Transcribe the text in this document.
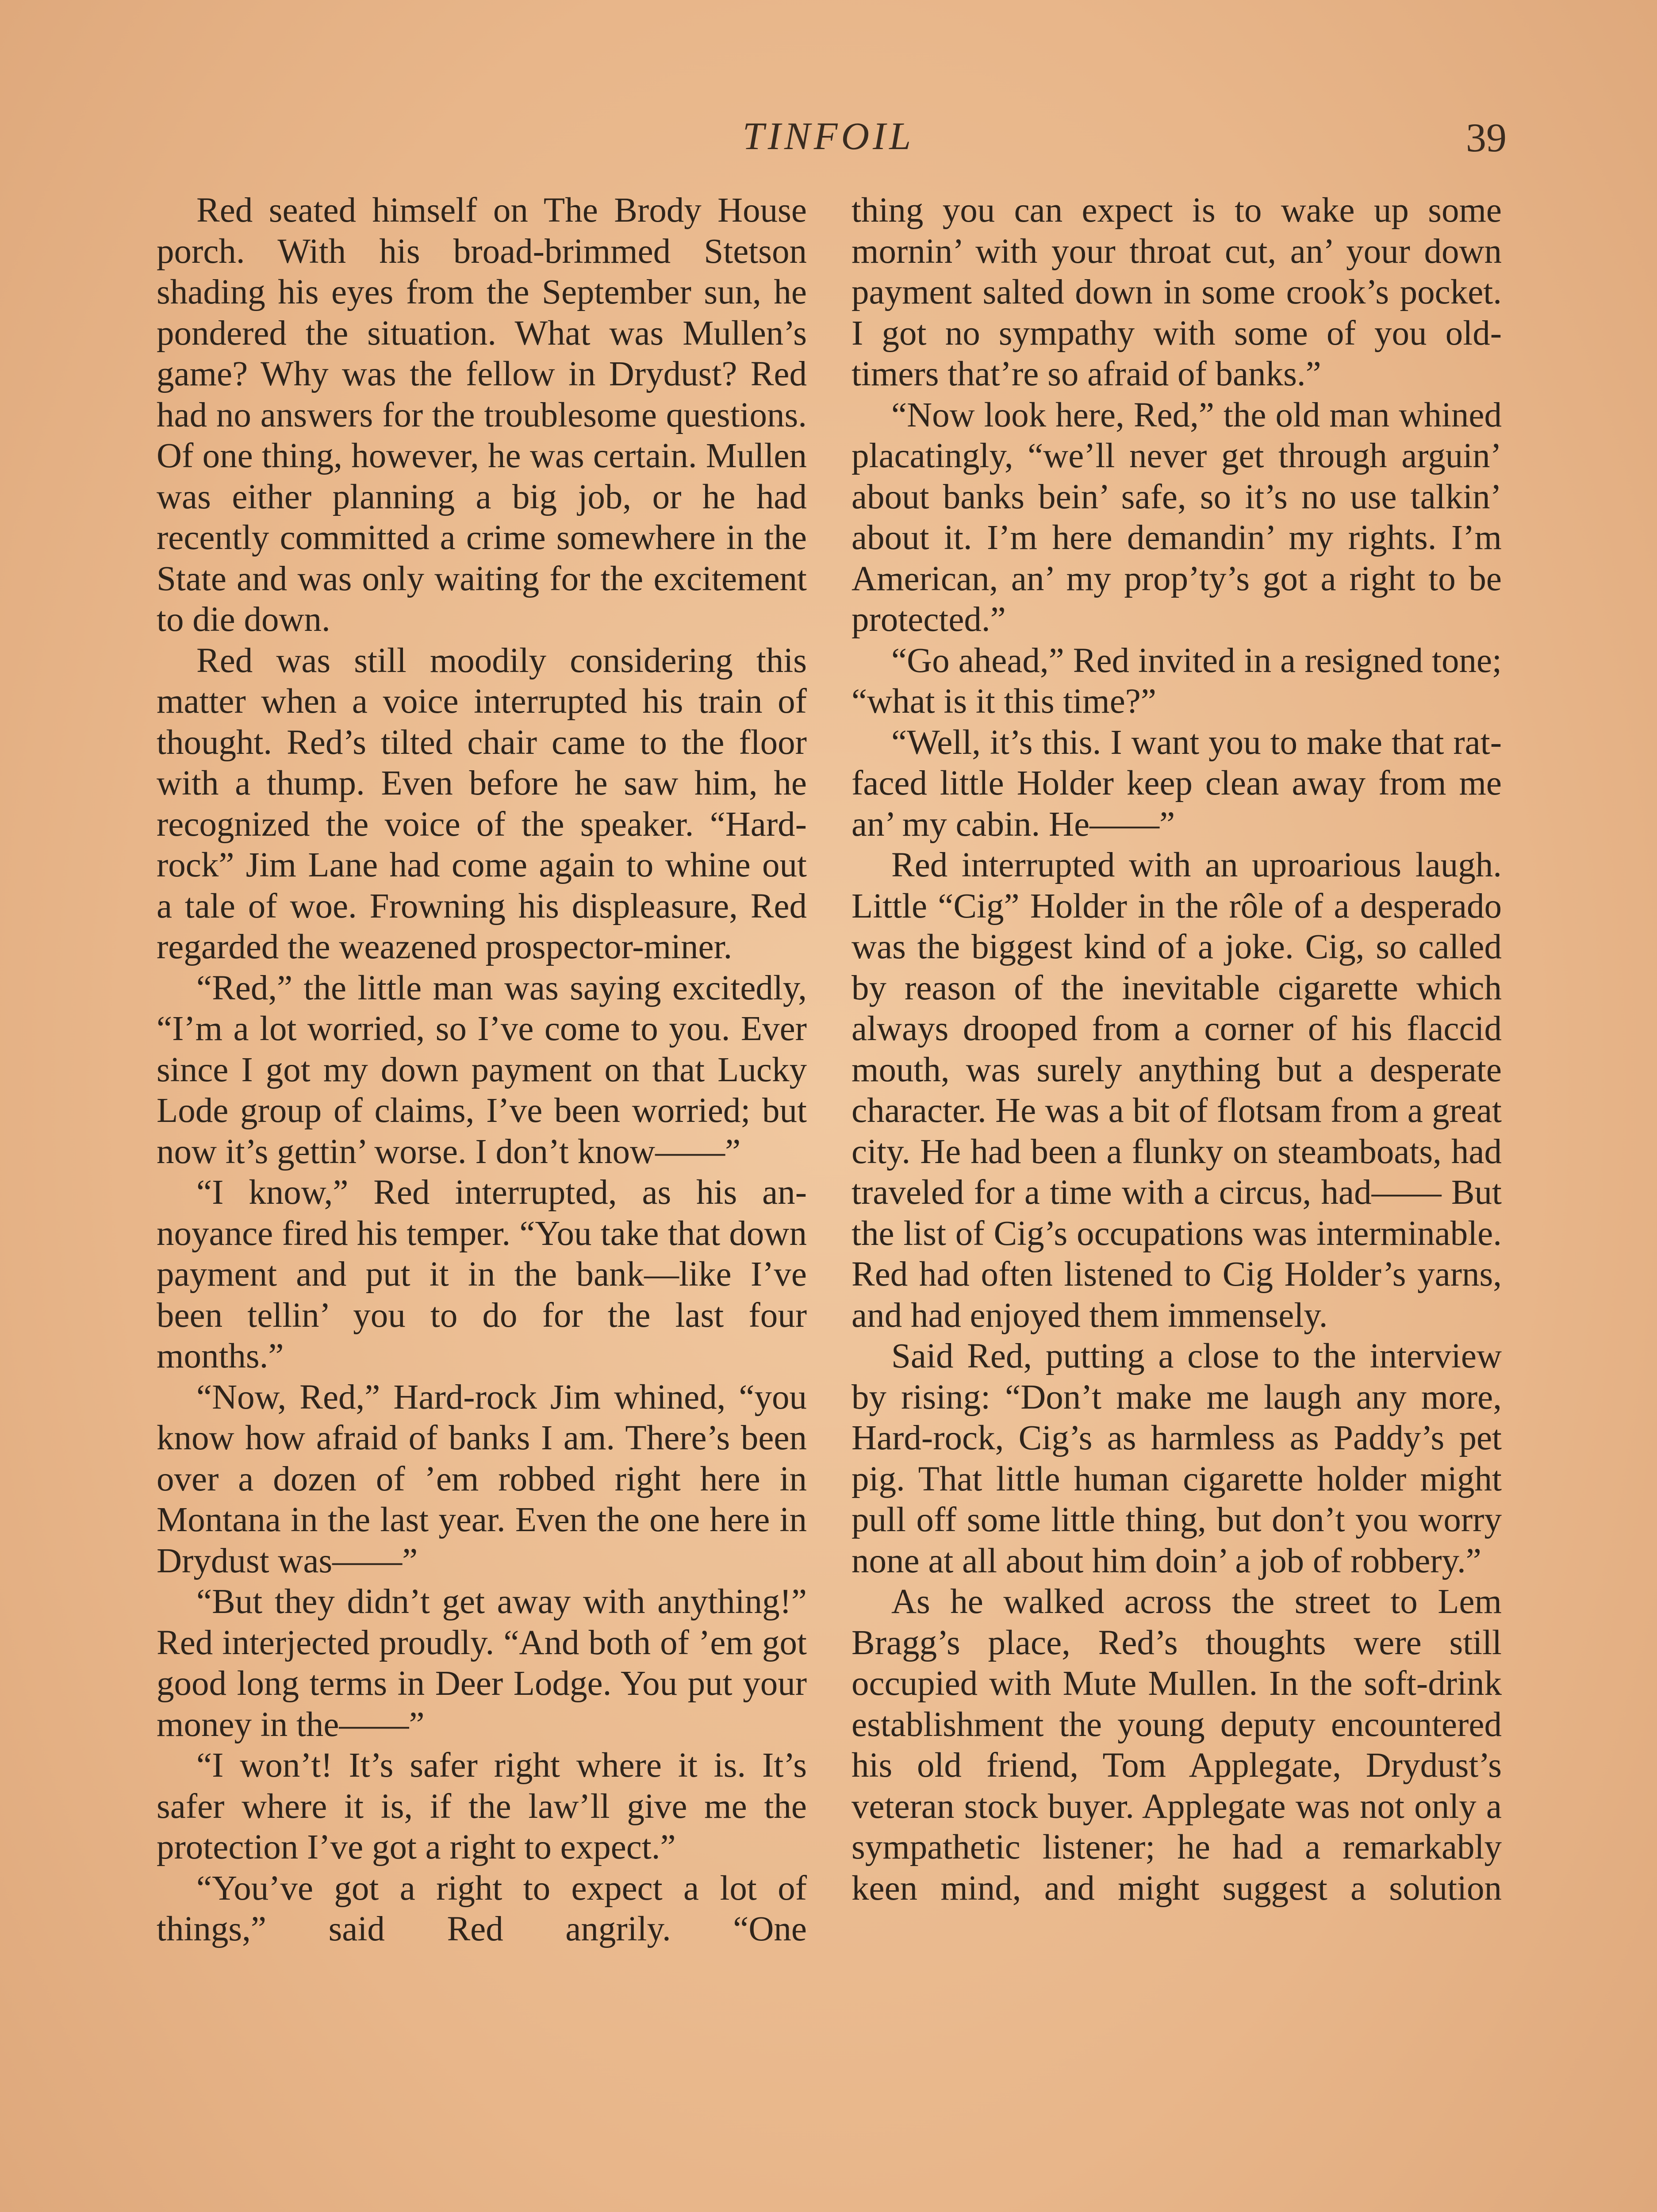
TINFOIL	39

Red seated himself on The Brody House porch. With his broad-brimmed Stetson shading his eyes from the September sun, he pondered the situation. What was Mullen’s game? Why was the fellow in Drydust? Red had no answers for the troublesome questions. Of one thing, however, he was certain. Mullen was either planning a big job, or he had recently committed a crime somewhere in the State and was only waiting for the excitement to die down.

Red was still moodily considering this matter when a voice interrupted his train of thought. Red’s tilted chair came to the floor with a thump. Even before he saw him, he recognized the voice of the speaker. “Hard-rock” Jim Lane had come again to whine out a tale of woe. Frowning his displeasure, Red regarded the weazened prospector-miner.

“Red,” the little man was saying excitedly, “I’m a lot worried, so I’ve come to you. Ever since I got my down payment on that Lucky Lode group of claims, I’ve been worried; but now it’s gettin’ worse. I don’t know——”

“I know,” Red interrupted, as his annoyance fired his temper. “You take that down payment and put it in the bank—like I’ve been tellin’ you to do for the last four months.”

“Now, Red,” Hard-rock Jim whined, “you know how afraid of banks I am. There’s been over a dozen of ’em robbed right here in Montana in the last year. Even the one here in Drydust was——”

“But they didn’t get away with anything!” Red interjected proudly. “And both of ’em got good long terms in Deer Lodge. You put your money in the——”

“I won’t! It’s safer right where it is. It’s safer where it is, if the law’ll give me the protection I’ve got a right to expect.”

“You’ve got a right to expect a lot of things,” said Red angrily. “One

thing you can expect is to wake up some mornin’ with your throat cut, an’ your down payment salted down in some crook’s pocket. I got no sympathy with some of you old-timers that’re so afraid of banks.”

“Now look here, Red,” the old man whined placatingly, “we’ll never get through arguin’ about banks bein’ safe, so it’s no use talkin’ about it. I’m here demandin’ my rights. I’m American, an’ my prop’ty’s got a right to be protected.”

“Go ahead,” Red invited in a resigned tone; “what is it this time?”

“Well, it’s this. I want you to make that rat-faced little Holder keep clean away from me an’ my cabin. He——”

Red interrupted with an uproarious laugh. Little “Cig” Holder in the rôle of a desperado was the biggest kind of a joke. Cig, so called by reason of the inevitable cigarette which always drooped from a corner of his flaccid mouth, was surely anything but a desperate character. He was a bit of flotsam from a great city. He had been a flunky on steamboats, had traveled for a time with a circus, had—— But the list of Cig’s occupations was interminable. Red had often listened to Cig Holder’s yarns, and had enjoyed them immensely.

Said Red, putting a close to the interview by rising: “Don’t make me laugh any more, Hard-rock, Cig’s as harmless as Paddy’s pet pig. That little human cigarette holder might pull off some little thing, but don’t you worry none at all about him doin’ a job of robbery.”

As he walked across the street to Lem Bragg’s place, Red’s thoughts were still occupied with Mute Mullen. In the soft-drink establishment the young deputy encountered his old friend, Tom Applegate, Drydust’s veteran stock buyer. Applegate was not only a sympathetic listener; he had a remarkably keen mind, and might suggest a solution
